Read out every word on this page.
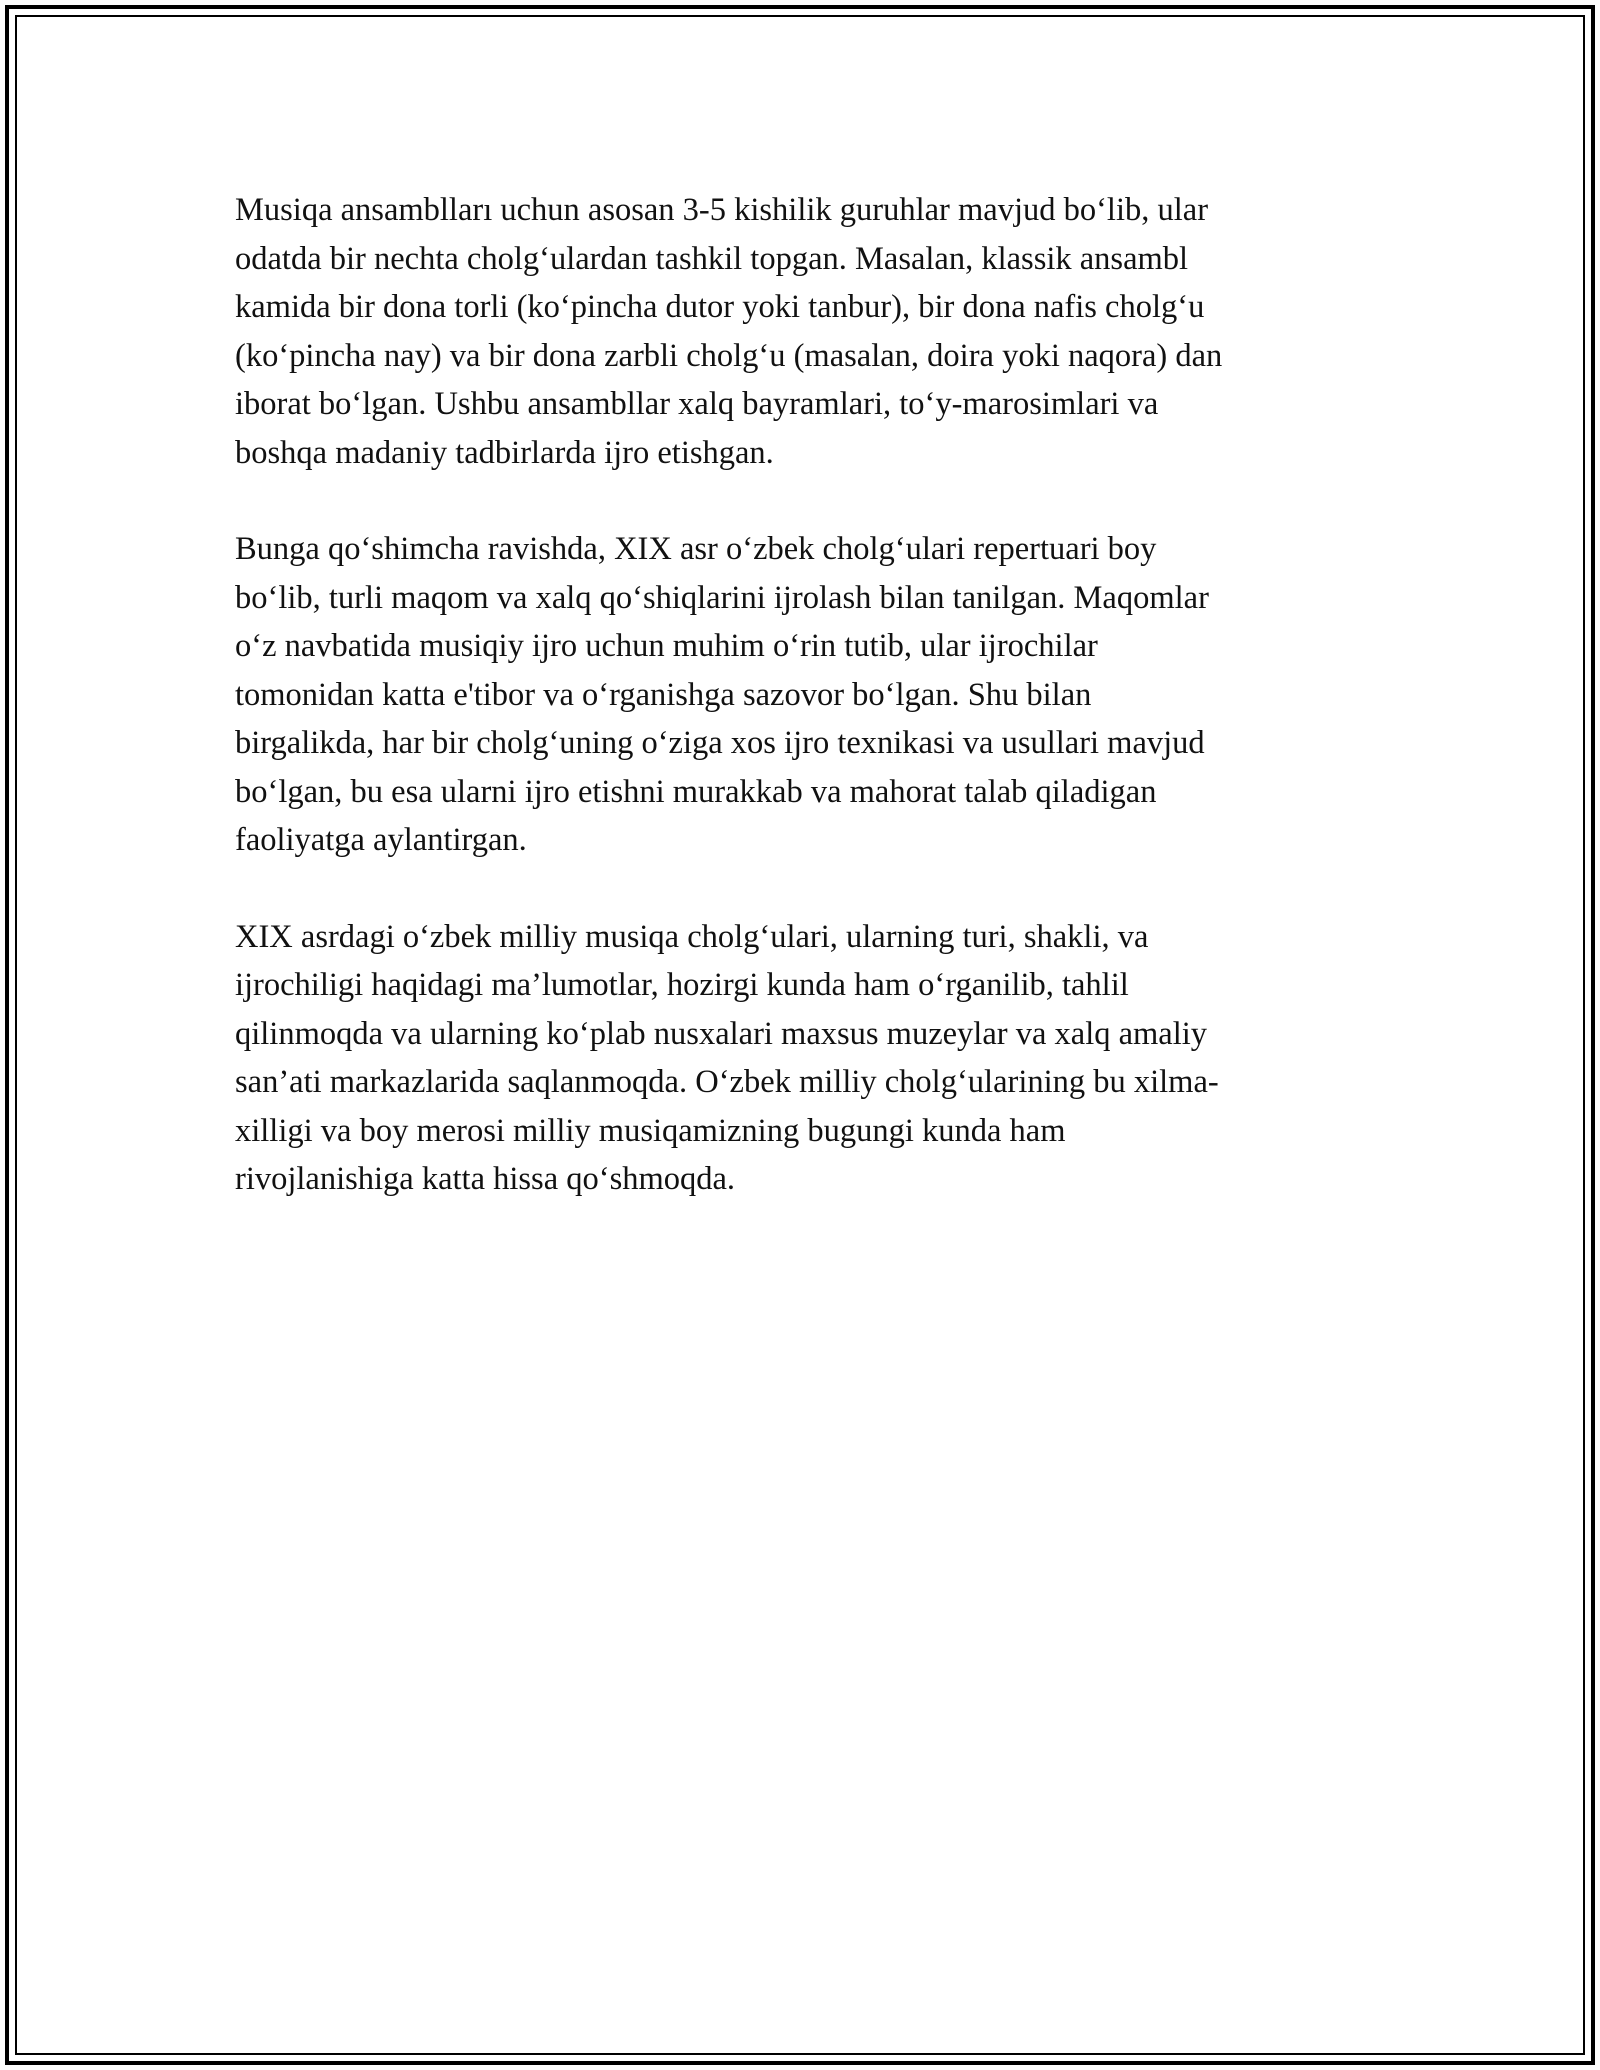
Musiqa ansamblları uchun asosan 3-5 kishilik guruhlar mavjud bo‘lib, ular
odatda bir nechta cholg‘ulardan tashkil topgan. Masalan, klassik ansambl
kamida bir dona torli (ko‘pincha dutor yoki tanbur), bir dona nafis cholg‘u
(ko‘pincha nay) va bir dona zarbli cholg‘u (masalan, doira yoki naqora) dan
iborat bo‘lgan. Ushbu ansambllar xalq bayramlari, to‘y-marosimlari va
boshqa madaniy tadbirlarda ijro etishgan.

Bunga qo‘shimcha ravishda, XIX asr o‘zbek cholg‘ulari repertuari boy
bo‘lib, turli maqom va xalq qo‘shiqlarini ijrolash bilan tanilgan. Maqomlar
o‘z navbatida musiqiy ijro uchun muhim o‘rin tutib, ular ijrochilar
tomonidan katta e'tibor va o‘rganishga sazovor bo‘lgan. Shu bilan
birgalikda, har bir cholg‘uning o‘ziga xos ijro texnikasi va usullari mavjud
bo‘lgan, bu esa ularni ijro etishni murakkab va mahorat talab qiladigan
faoliyatga aylantirgan.

XIX asrdagi o‘zbek milliy musiqa cholg‘ulari, ularning turi, shakli, va
ijrochiligi haqidagi ma’lumotlar, hozirgi kunda ham o‘rganilib, tahlil
qilinmoqda va ularning ko‘plab nusxalari maxsus muzeylar va xalq amaliy
san’ati markazlarida saqlanmoqda. O‘zbek milliy cholg‘ularining bu xilma-
xilligi va boy merosi milliy musiqamizning bugungi kunda ham
rivojlanishiga katta hissa qo‘shmoqda.
